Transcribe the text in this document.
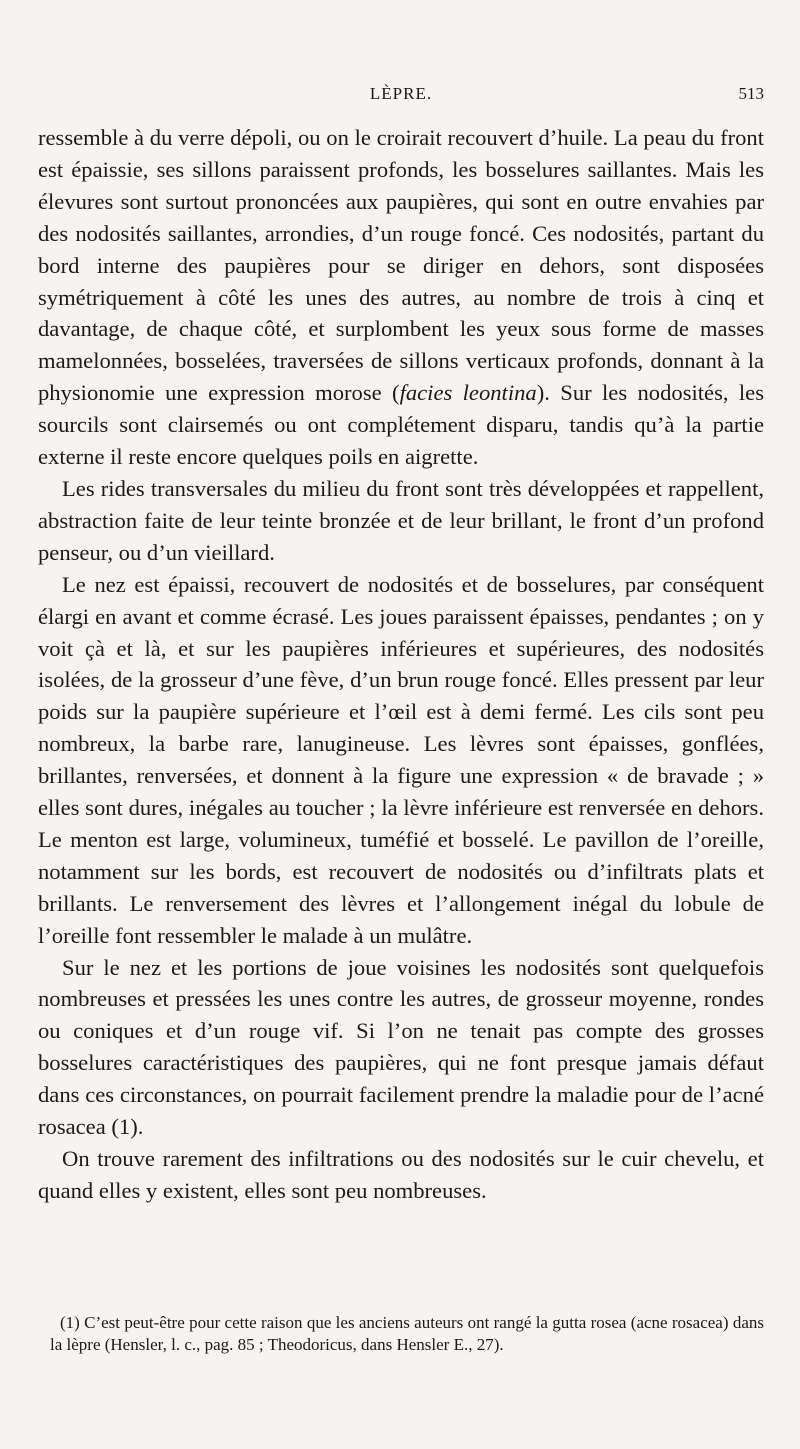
LÈPRE.	513

ressemble à du verre dépoli, ou on le croirait recouvert d’huile. La peau du front est épaissie, ses sillons paraissent profonds, les bosselures saillantes. Mais les élevures sont surtout prononcées aux paupières, qui sont en outre envahies par des nodosités saillantes, arrondies, d’un rouge foncé. Ces nodosités, partant du bord interne des paupières pour se diriger en dehors, sont disposées symétriquement à côté les unes des autres, au nombre de trois à cinq et davantage, de chaque côté, et surplombent les yeux sous forme de masses mamelonnées, bosselées, traversées de sillons verticaux profonds, donnant à la physionomie une expression morose (facies leontina). Sur les nodosités, les sourcils sont clairsemés ou ont complétement disparu, tandis qu’à la partie externe il reste encore quelques poils en aigrette.

Les rides transversales du milieu du front sont très développées et rappellent, abstraction faite de leur teinte bronzée et de leur brillant, le front d’un profond penseur, ou d’un vieillard.

Le nez est épaissi, recouvert de nodosités et de bosselures, par conséquent élargi en avant et comme écrasé. Les joues paraissent épaisses, pendantes ; on y voit çà et là, et sur les paupières inférieures et supérieures, des nodosités isolées, de la grosseur d’une fève, d’un brun rouge foncé. Elles pressent par leur poids sur la paupière supérieure et l’œil est à demi fermé. Les cils sont peu nombreux, la barbe rare, lanugineuse. Les lèvres sont épaisses, gonflées, brillantes, renversées, et donnent à la figure une expression « de bravade ; » elles sont dures, inégales au toucher ; la lèvre inférieure est renversée en dehors. Le menton est large, volumineux, tuméfié et bosselé. Le pavillon de l’oreille, notamment sur les bords, est recouvert de nodosités ou d’infiltrats plats et brillants. Le renversement des lèvres et l’allongement inégal du lobule de l’oreille font ressembler le malade à un mulâtre.

Sur le nez et les portions de joue voisines les nodosités sont quelquefois nombreuses et pressées les unes contre les autres, de grosseur moyenne, rondes ou coniques et d’un rouge vif. Si l’on ne tenait pas compte des grosses bosselures caractéristiques des paupières, qui ne font presque jamais défaut dans ces circonstances, on pourrait facilement prendre la maladie pour de l’acné rosacea (1).

On trouve rarement des infiltrations ou des nodosités sur le cuir chevelu, et quand elles y existent, elles sont peu nombreuses.

(1) C’est peut-être pour cette raison que les anciens auteurs ont rangé la gutta rosea (acne rosacea) dans la lèpre (Hensler, l. c., pag. 85 ; Theodoricus, dans Hensler E., 27).
